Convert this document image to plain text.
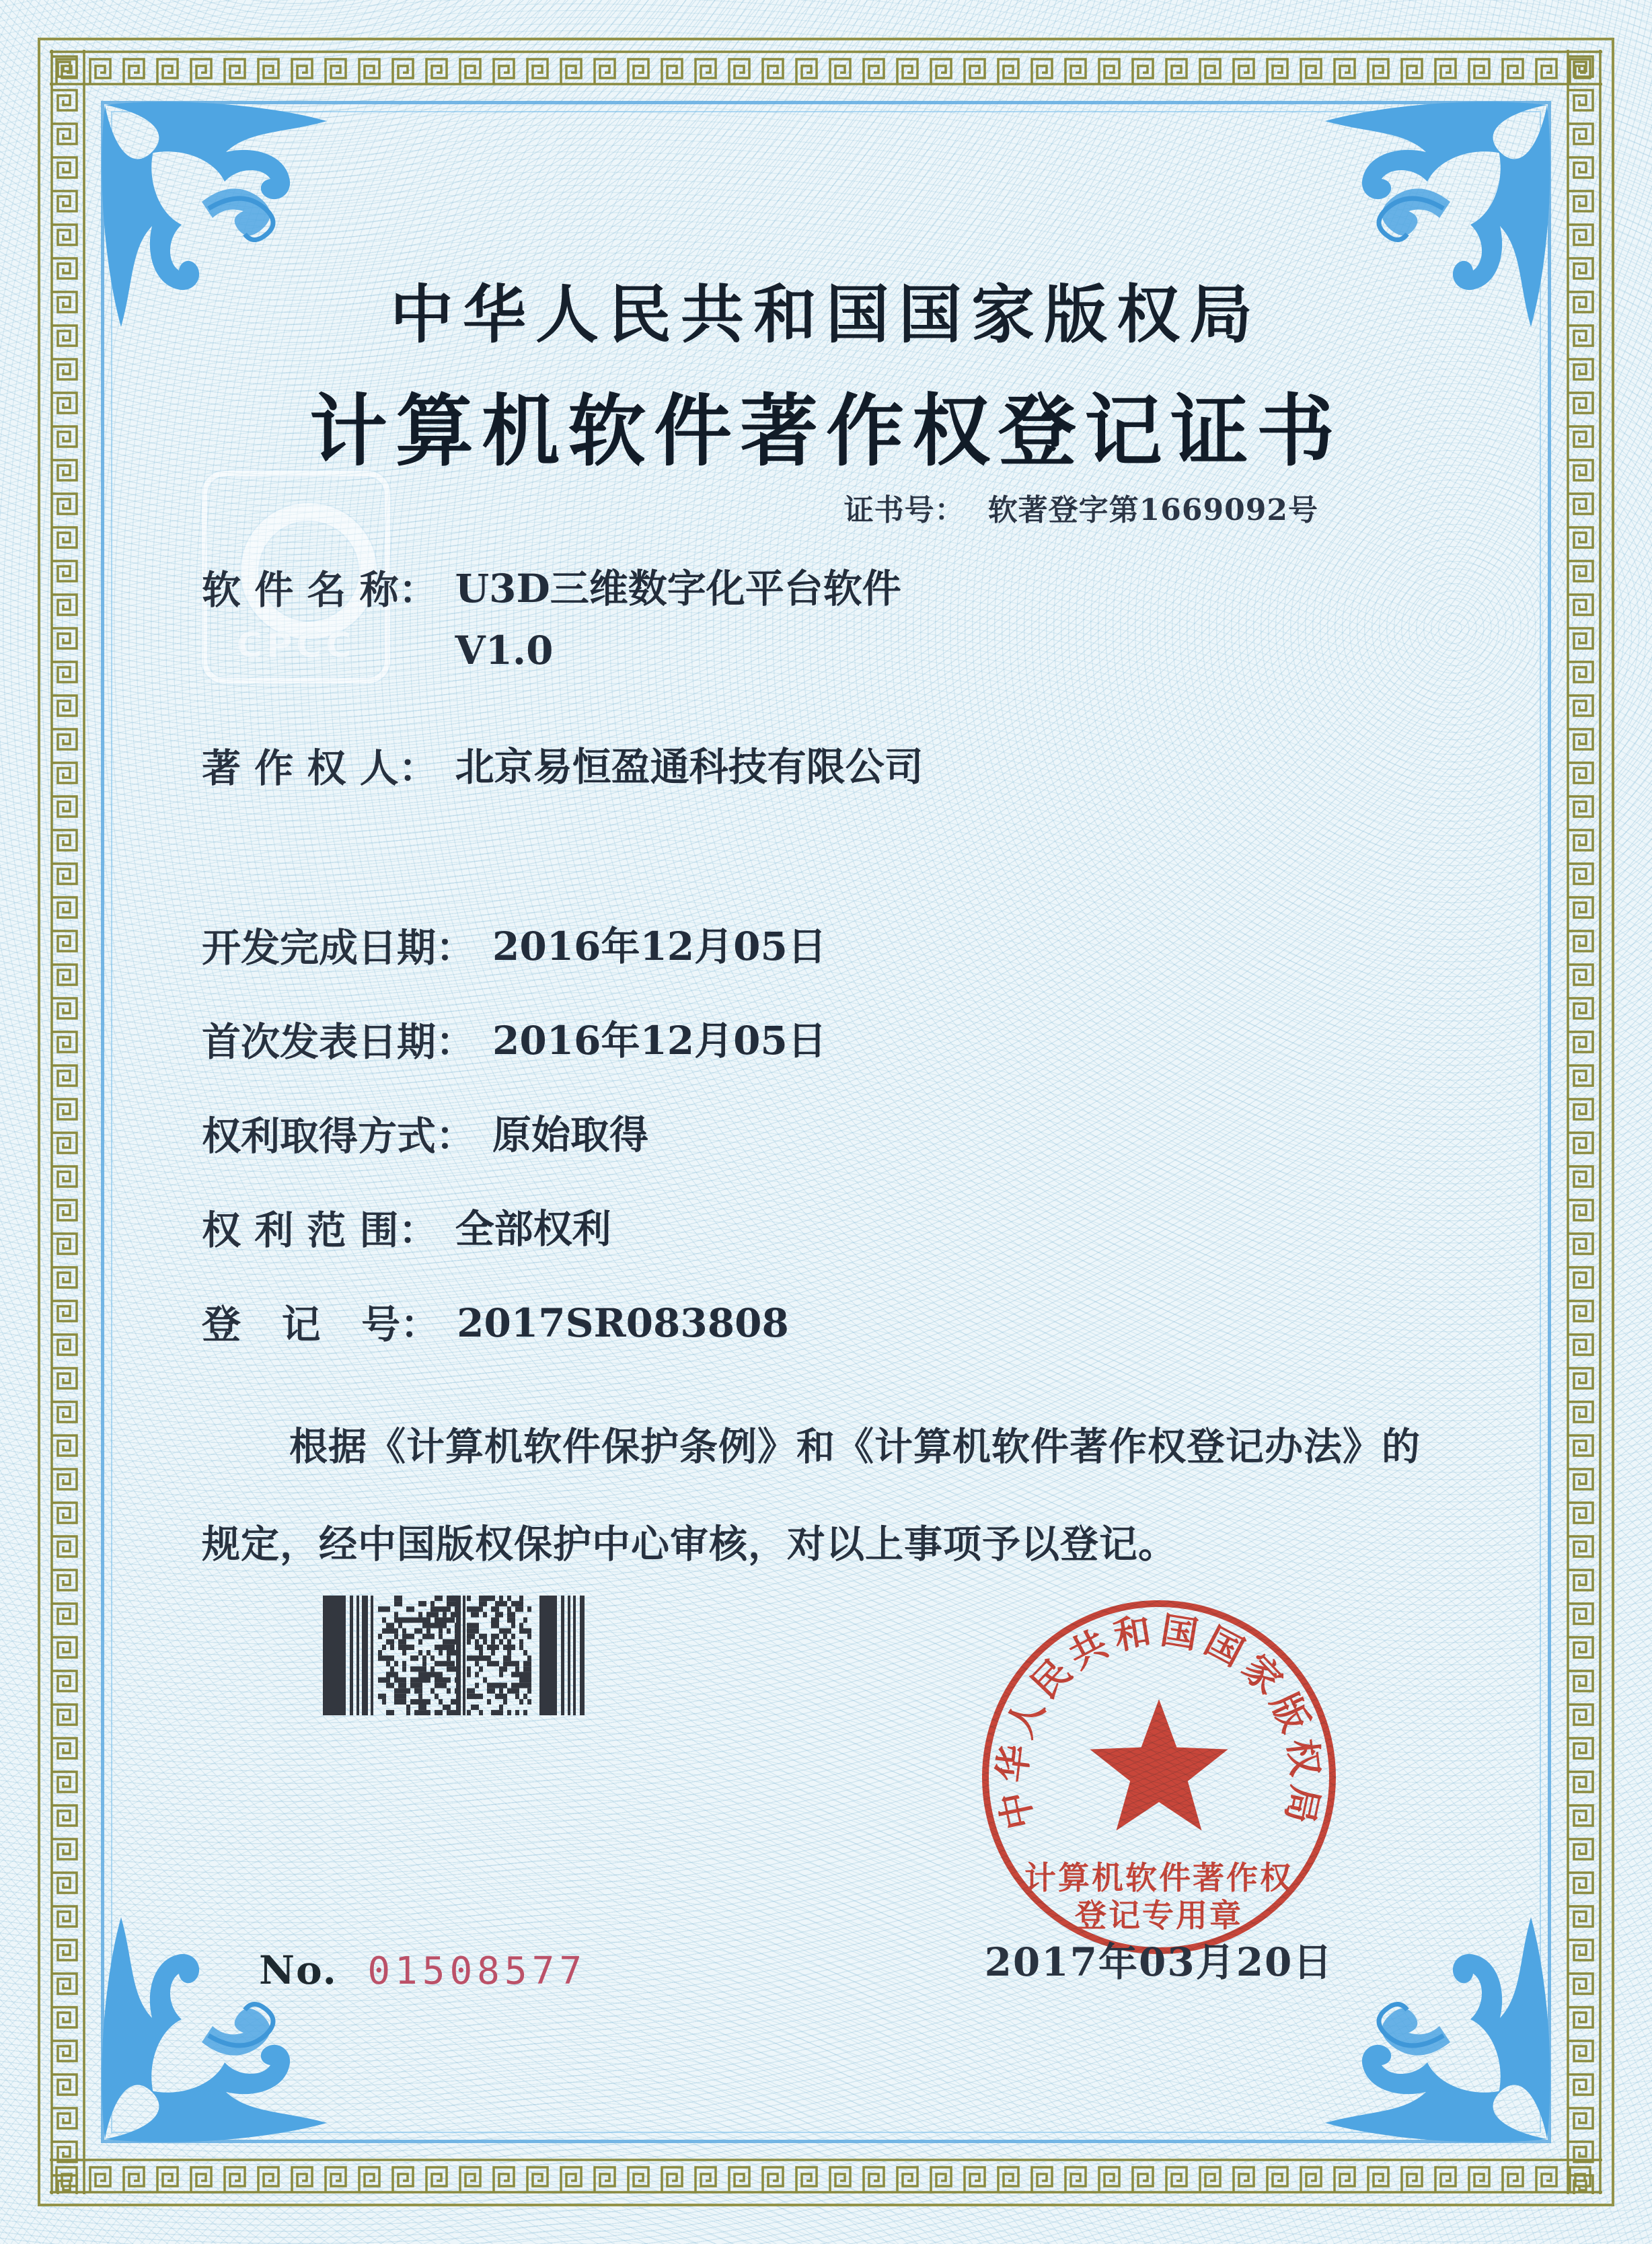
CPCC
中华人民共和国国家版权局
计算机软件著作权登记证书
证书号： 软著登字第1669092号
软 件 名 称： U3D三维数字化平台软件
V1.0
著 作 权 人： 北京易恒盈通科技有限公司
开发完成日期： 2016年12月05日
首次发表日期： 2016年12月05日
权利取得方式： 原始取得
权 利 范 围： 全部权利
登   记   号： 2017SR083808
根据《计算机软件保护条例》和《计算机软件著作权登记办法》的
规定，经中国版权保护中心审核，对以上事项予以登记。
中华人民共和国国家版权局
计算机软件著作权
登记专用章
2017年03月20日
No. 01508577
